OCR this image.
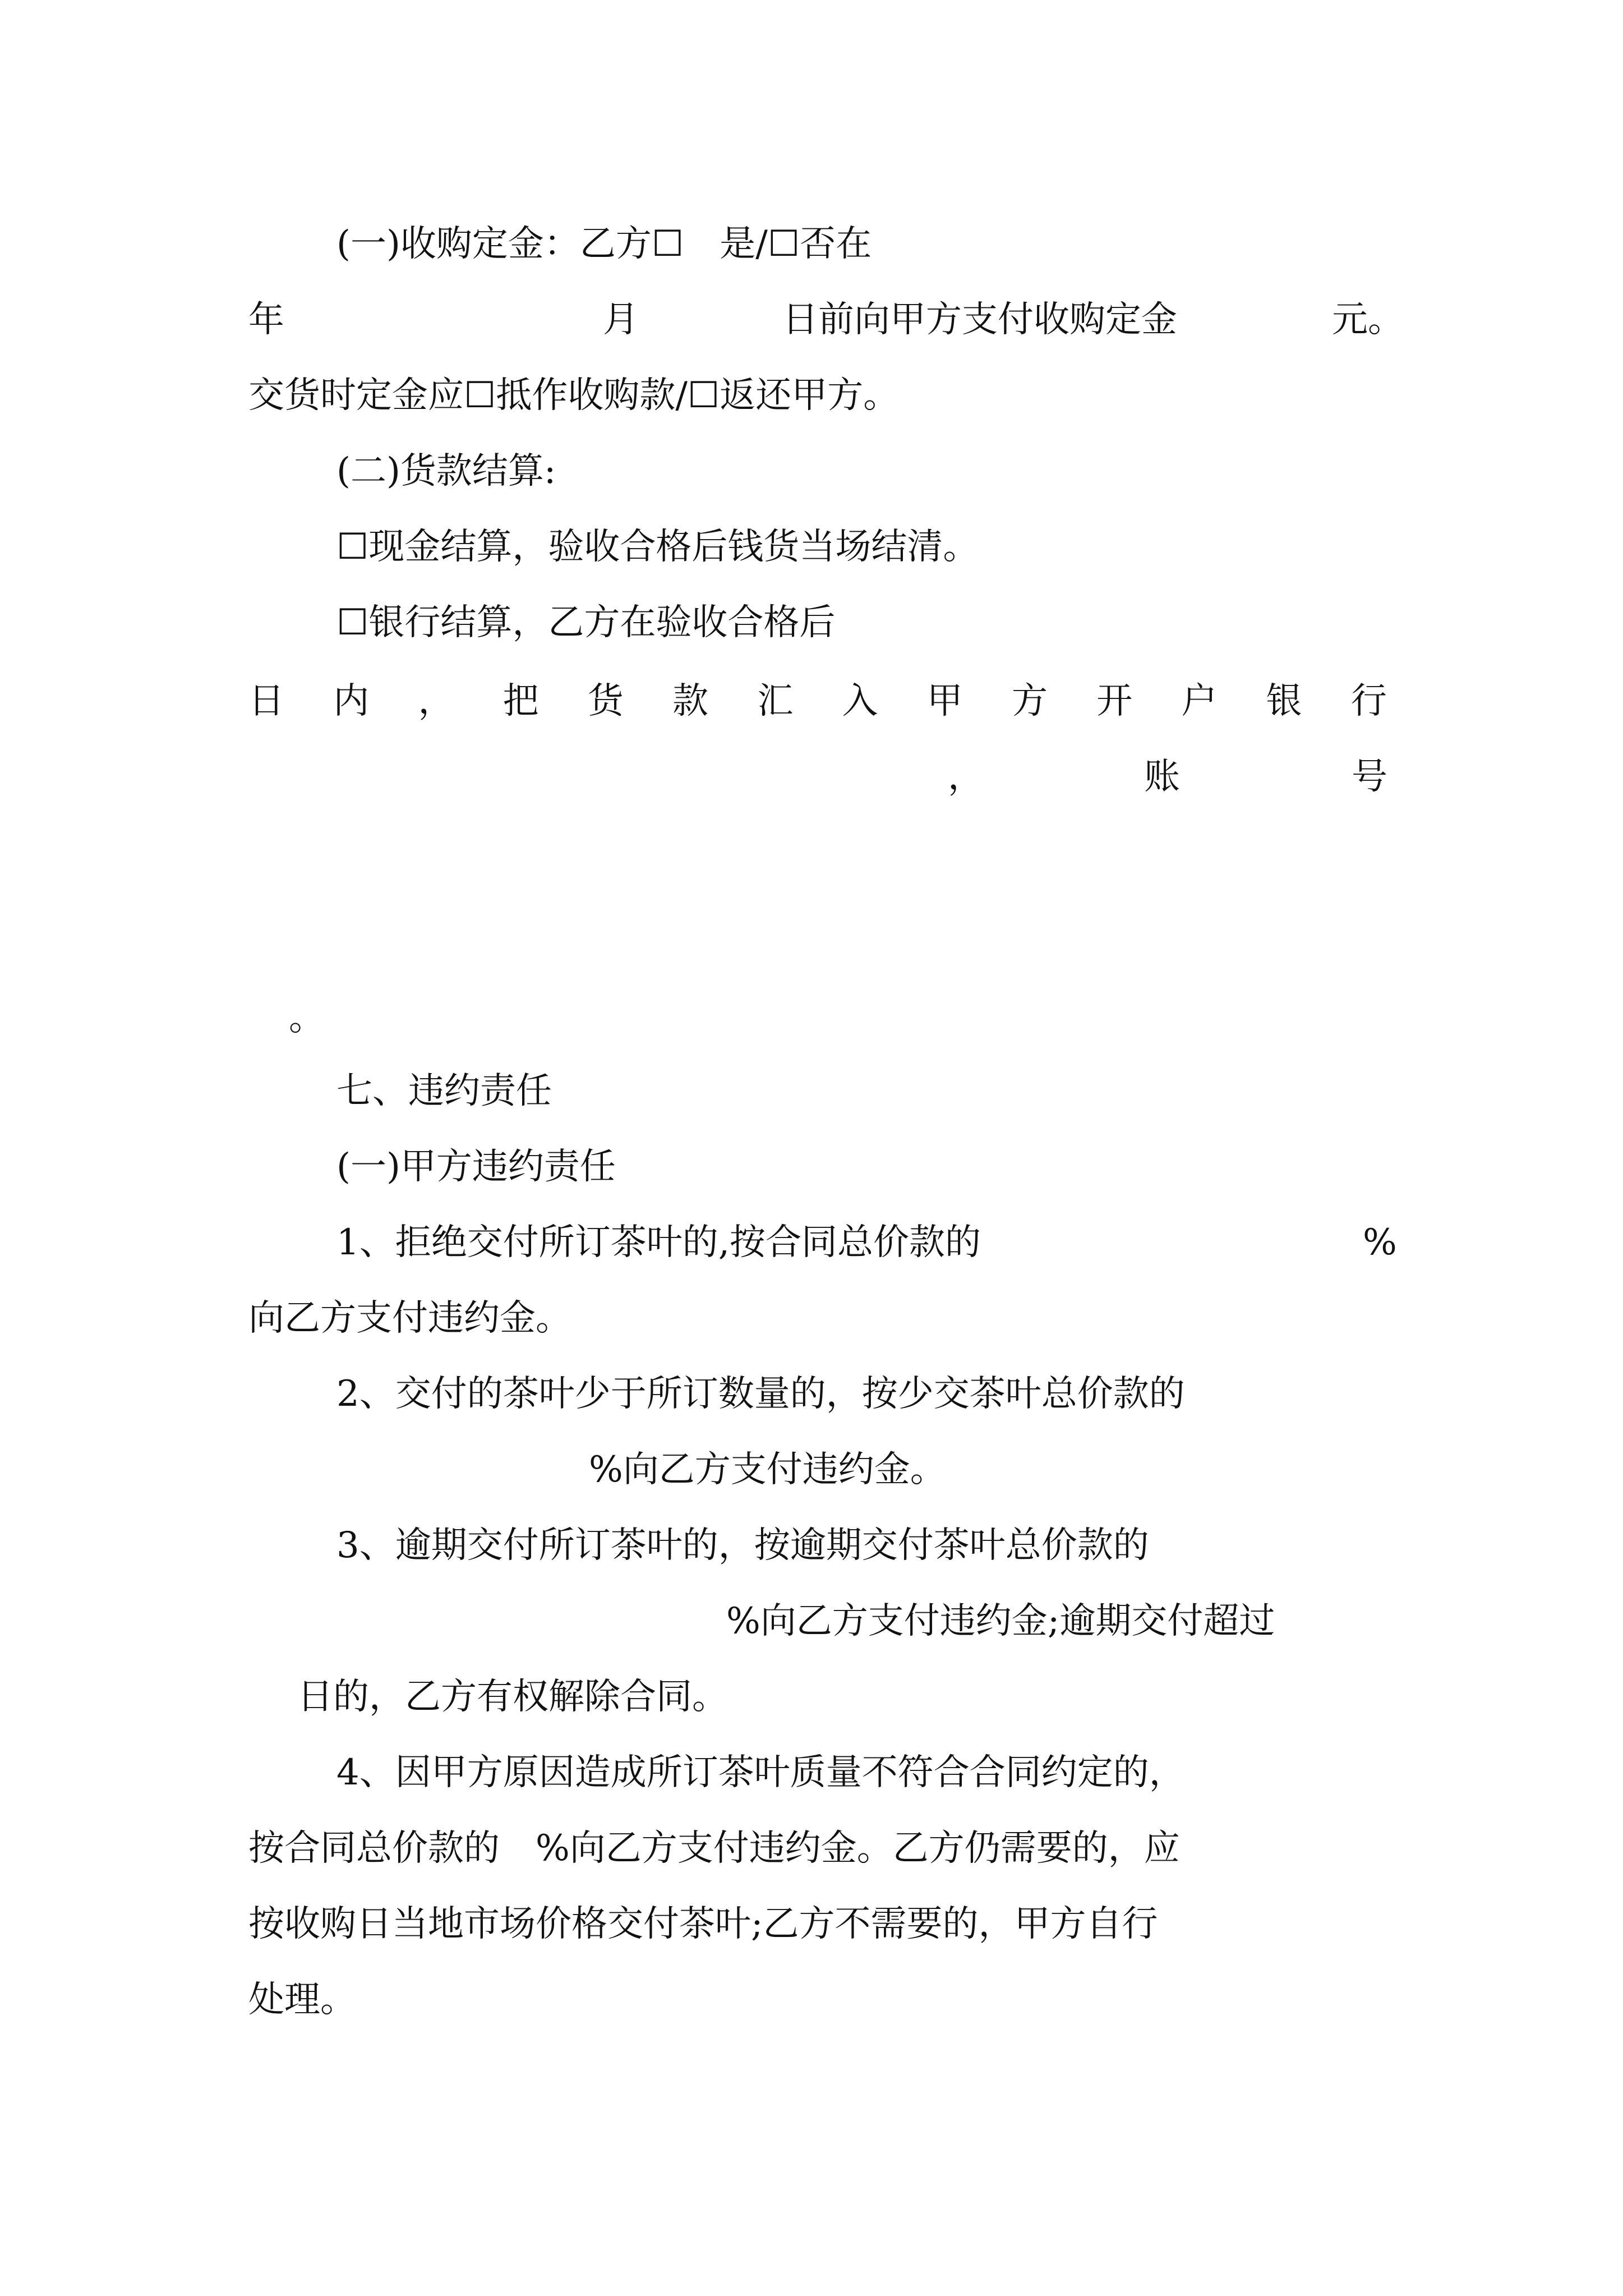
(一)收购定金：乙方☐　是/☐否在
年	月	日前向甲方支付收购定金	元。
交货时定金应☐抵作收购款/☐返还甲方。
(二)货款结算:
☐现金结算，验收合格后钱货当场结清。
☐银行结算，乙方在验收合格后
日 内 ， 把 货 款 汇 入 甲 方 开 户 银 行
，	账	号
。
七、违约责任
(一)甲方违约责任
1、拒绝交付所订茶叶的,按合同总价款的	%
向乙方支付违约金。
2、交付的茶叶少于所订数量的，按少交茶叶总价款的
%向乙方支付违约金。
3、逾期交付所订茶叶的，按逾期交付茶叶总价款的
%向乙方支付违约金;逾期交付超过
日的，乙方有权解除合同。
4、因甲方原因造成所订茶叶质量不符合合同约定的，
按合同总价款的　%向乙方支付违约金。乙方仍需要的，应
按收购日当地市场价格交付茶叶;乙方不需要的，甲方自行
处理。
